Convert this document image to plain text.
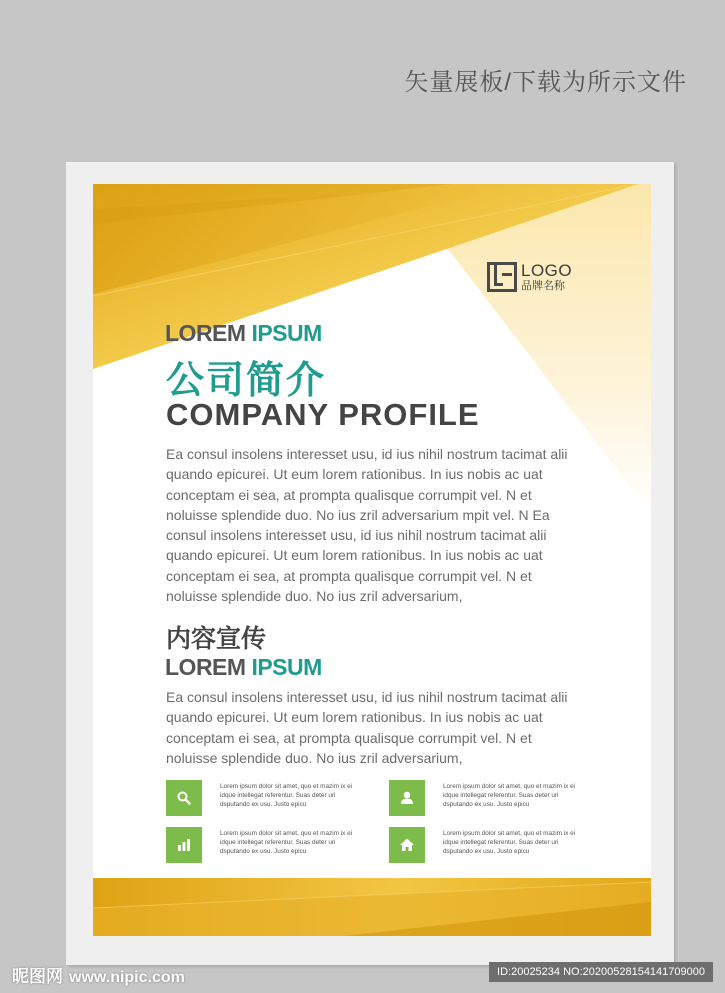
矢量展板/下载为所示文件
LOGO
品牌名称
LOREM IPSUM
公司简介
COMPANY PROFILE

Ea consul insolens interesset usu, id ius nihil nostrum tacimat alii quando epicurei. Ut eum lorem rationibus. In ius nobis ac uat conceptam ei sea, at prompta qualisque corrumpit vel. N et noluisse splendide duo. No ius zril adversarium mpit vel. N Ea consul insolens interesset usu, id ius nihil nostrum tacimat alii quando epicurei. Ut eum lorem rationibus. In ius nobis ac uat conceptam ei sea, at prompta qualisque corrumpit vel. N et noluisse splendide duo. No ius zril adversarium,

内容宣传
LOREM IPSUM

Ea consul insolens interesset usu, id ius nihil nostrum tacimat alii quando epicurei. Ut eum lorem rationibus. In ius nobis ac uat conceptam ei sea, at prompta qualisque corrumpit vel. N et noluisse splendide duo. No ius zril adversarium,

Lorem ipsum dolor sit amet, quo et mazim ix ei idque intellegat referentur. Suas deter uri dsputando ex usu. Justo epicu
Lorem ipsum dolor sit amet, quo et mazim ix ei idque intellegat referentur. Suas deter uri dsputando ex usu. Justo epicu
Lorem ipsum dolor sit amet, quo et mazim ix ei idque intellegat referentur. Suas deter uri dsputando ex usu. Justo epicu
Lorem ipsum dolor sit amet, quo et mazim ix ei idque intellegat referentur. Suas deter uri dsputando ex usu. Justo epicu
昵图网 www.nipic.com	ID:20025234 NO:20200528154141709000
